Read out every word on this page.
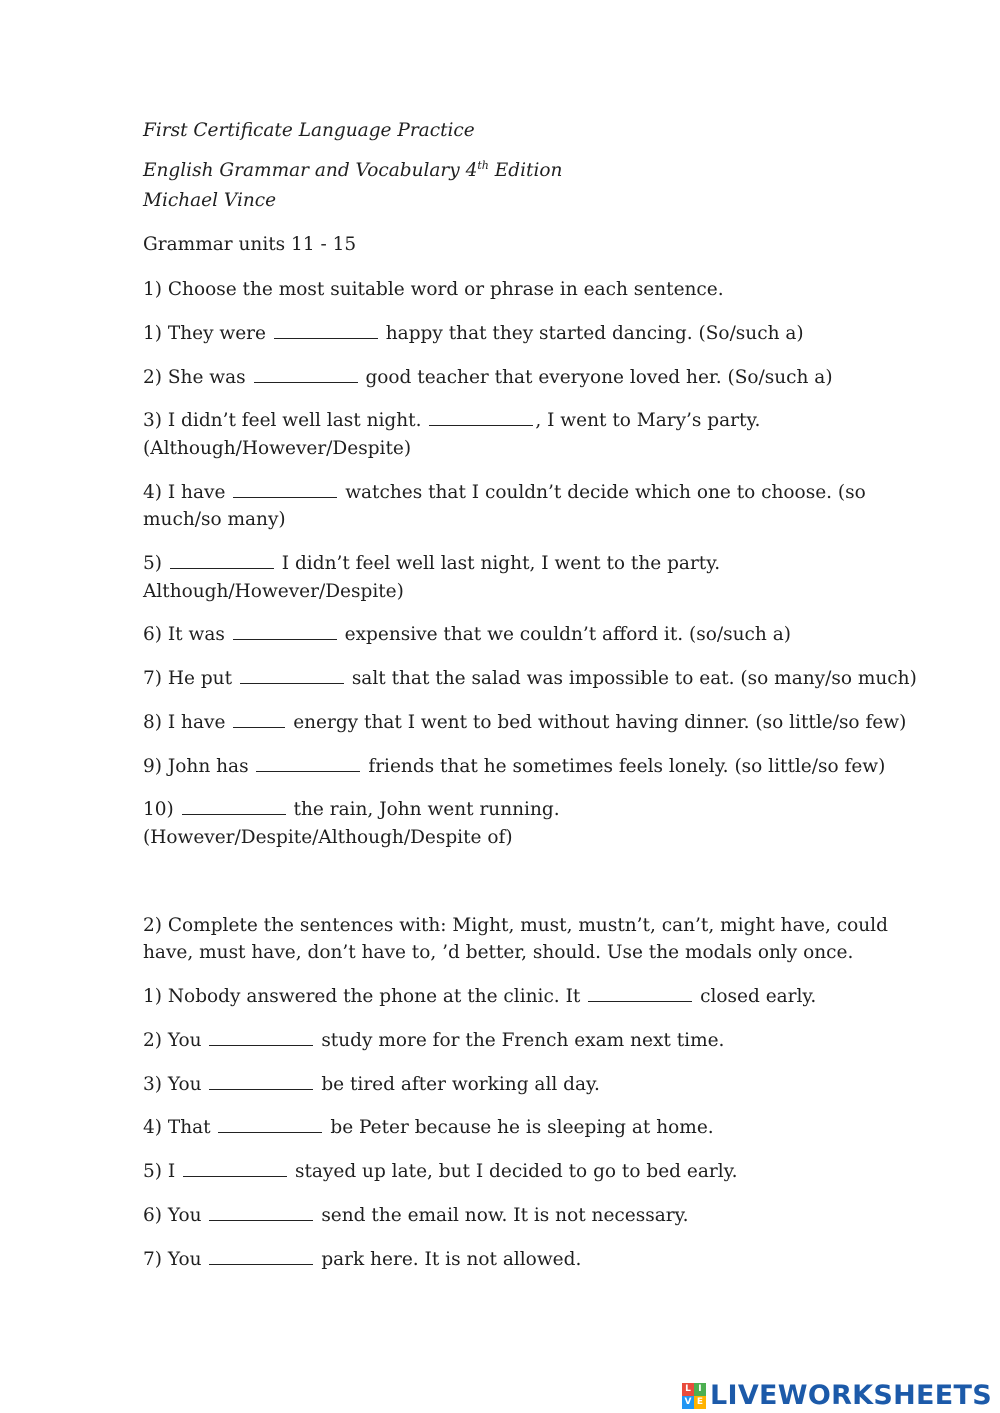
First Certificate Language Practice
English Grammar and Vocabulary 4th Edition
Michael Vince
Grammar units 11 - 15
1) Choose the most suitable word or phrase in each sentence.
1) They were	happy that they started dancing. (So/such a)
2) She was	good teacher that everyone loved her. (So/such a)
3) I didn’t feel well last night.	, I went to Mary’s party.
(Although/However/Despite)
4) I have	watches that I couldn’t decide which one to choose. (so
much/so many)
5)	I didn’t feel well last night, I went to the party.
Although/However/Despite)
6) It was	expensive that we couldn’t afford it. (so/such a)
7) He put	salt that the salad was impossible to eat. (so many/so much)
8) I have	energy that I went to bed without having dinner. (so little/so few)
9) John has	friends that he sometimes feels lonely. (so little/so few)
10)	the rain, John went running.
(However/Despite/Although/Despite of)
2) Complete the sentences with: Might, must, mustn’t, can’t, might have, could
have, must have, don’t have to, ’d better, should. Use the modals only once.
1) Nobody answered the phone at the clinic. It	closed early.
2) You	study more for the French exam next time.
3) You	be tired after working all day.
4) That	be Peter because he is sleeping at home.
5) I	stayed up late, but I decided to go to bed early.
6) You	send the email now. It is not necessary.
7) You	park here. It is not allowed.
L I
V E LIVEWORKSHEETS
